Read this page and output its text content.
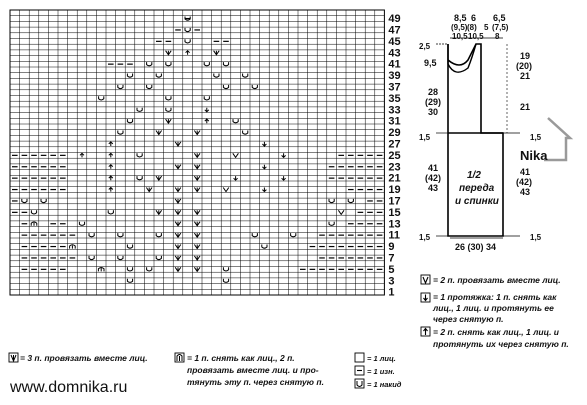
1
3
5
7
9
11
13
15
17
19
21
23
25
27
29
31
33
35
37
39
41
43
45
47
49	8,5 6 6,5
(9,5) (8) 5 (7,5)
10,5 10,5 8
2,5
9,5
28
(29)
30
1,5
41
(42)
43
1,5
19
(20)
21
21
1,5
41
(42)
43
1,5
26 (30) 34
1/2
переда
и спинки
Nika
= 2 п. провязать вместе лиц.
= 1 протяжка: 1 п. снять как
лиц., 1 лиц. и протянуть ее
через снятую п.
= 2 п. снять как лиц., 1 лиц. и
протянуть их через снятую п.
= 3 п. провязать вместе лиц.	= 1 п. снять как лиц., 2 п.
провязать вместе лиц. и про-
тянуть эту п. через снятую п.
= 1 лиц.
= 1 изн.
= 1 накид
www.domnika.ru
